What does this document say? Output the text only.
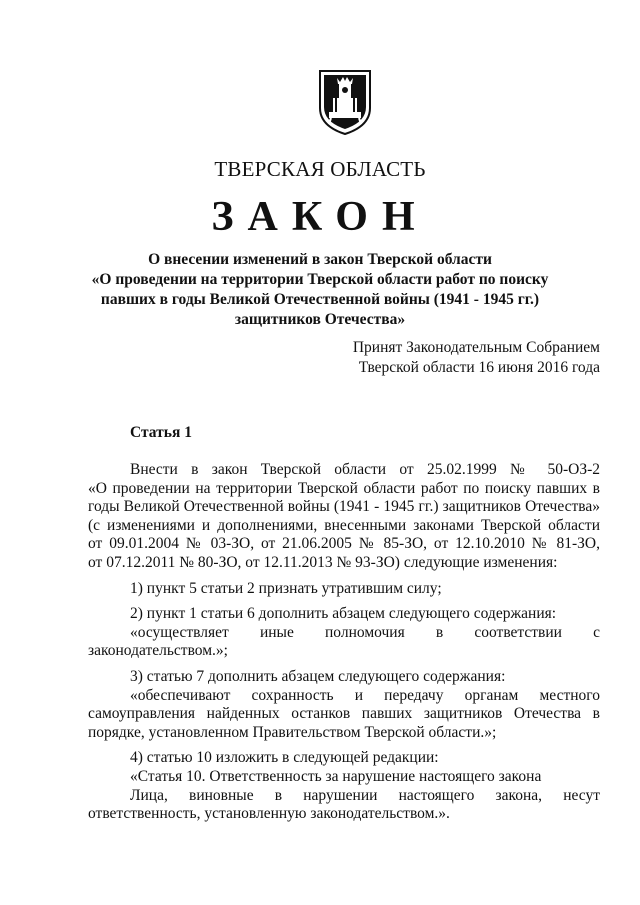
ТВЕРСКАЯ ОБЛАСТЬ
ЗАКОН
О внесении изменений в закон Тверской области
«О проведении на территории Тверской области работ по поиску
павших в годы Великой Отечественной войны (1941 - 1945 гг.)
защитников Отечества»
Принят Законодательным Собранием
Тверской области 16 июня 2016 года
Статья 1

Внести в закон Тверской области от 25.02.1999 № 50-ОЗ-2

«О проведении на территории Тверской области работ по поиску павших в

годы Великой Отечественной войны (1941 - 1945 гг.) защитников Отечества»

(с изменениями и дополнениями, внесенными законами Тверской области

от 09.01.2004 № 03-ЗО, от 21.06.2005 № 85-ЗО, от 12.10.2010 № 81-ЗО,

от 07.12.2011 № 80-ЗО, от 12.11.2013 № 93-ЗО) следующие изменения:

1) пункт 5 статьи 2 признать утратившим силу;

2) пункт 1 статьи 6 дополнить абзацем следующего содержания:

«осуществляет иные полномочия в соответствии с

законодательством.»;

3) статью 7 дополнить абзацем следующего содержания:

«обеспечивают сохранность и передачу органам местного

самоуправления найденных останков павших защитников Отечества в

порядке, установленном Правительством Тверской области.»;

4) статью 10 изложить в следующей редакции:

«Статья 10. Ответственность за нарушение настоящего закона

Лица, виновные в нарушении настоящего закона, несут

ответственность, установленную законодательством.».
